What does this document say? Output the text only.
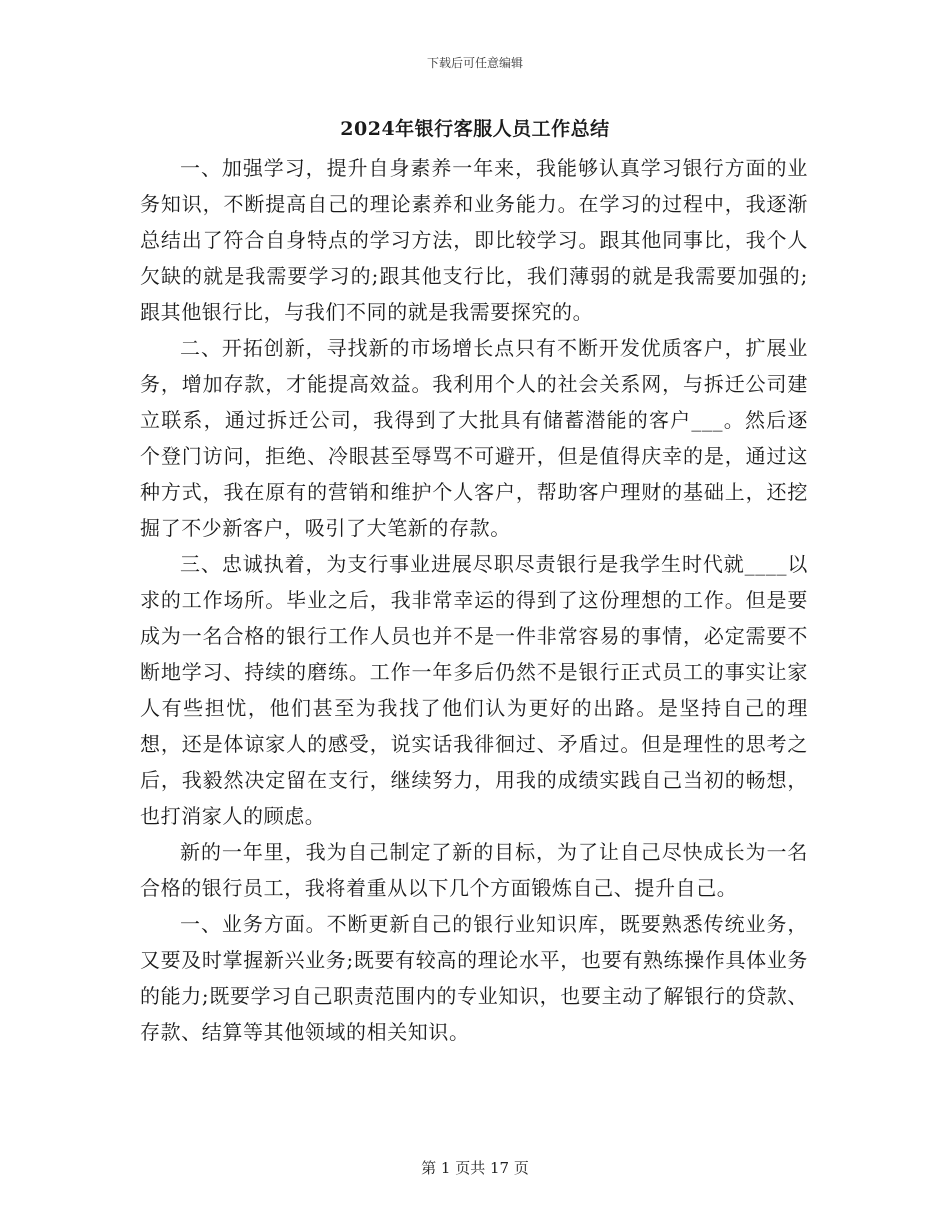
下载后可任意编辑
2024年银行客服人员工作总结

一、加强学习，提升自身素养一年来，我能够认真学习银行方面的业务知识，不断提高自己的理论素养和业务能力。在学习的过程中，我逐渐总结出了符合自身特点的学习方法，即比较学习。跟其他同事比，我个人欠缺的就是我需要学习的;跟其他支行比，我们薄弱的就是我需要加强的;跟其他银行比，与我们不同的就是我需要探究的。

二、开拓创新，寻找新的市场增长点只有不断开发优质客户，扩展业务，增加存款，才能提高效益。我利用个人的社会关系网，与拆迁公司建立联系，通过拆迁公司，我得到了大批具有储蓄潜能的客户___。然后逐个登门访问，拒绝、冷眼甚至辱骂不可避开，但是值得庆幸的是，通过这种方式，我在原有的营销和维护个人客户，帮助客户理财的基础上，还挖掘了不少新客户，吸引了大笔新的存款。

三、忠诚执着，为支行事业进展尽职尽责银行是我学生时代就____以求的工作场所。毕业之后，我非常幸运的得到了这份理想的工作。但是要成为一名合格的银行工作人员也并不是一件非常容易的事情，必定需要不断地学习、持续的磨练。工作一年多后仍然不是银行正式员工的事实让家人有些担忧，他们甚至为我找了他们认为更好的出路。是坚持自己的理想，还是体谅家人的感受，说实话我徘徊过、矛盾过。但是理性的思考之后，我毅然决定留在支行，继续努力，用我的成绩实践自己当初的畅想，也打消家人的顾虑。

新的一年里，我为自己制定了新的目标，为了让自己尽快成长为一名合格的银行员工，我将着重从以下几个方面锻炼自己、提升自己。

一、业务方面。不断更新自己的银行业知识库，既要熟悉传统业务，又要及时掌握新兴业务;既要有较高的理论水平，也要有熟练操作具体业务的能力;既要学习自己职责范围内的专业知识，也要主动了解银行的贷款、存款、结算等其他领域的相关知识。

第 1 页共 17 页
